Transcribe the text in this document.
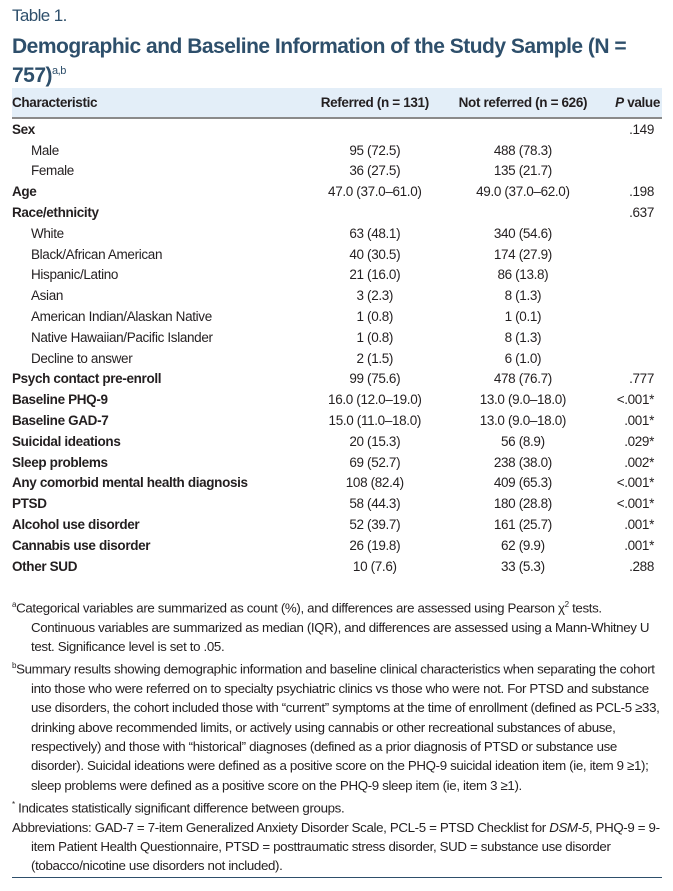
Table 1.
Demographic and Baseline Information of the Study Sample (N = 757)$^{a,b}$
Characteristic	Referred (n = 131)	Not referred (n = 626)	P value
Sex			.149
Male	95 (72.5)	488 (78.3)	
Female	36 (27.5)	135 (21.7)	
Age	47.0 (37.0–61.0)	49.0 (37.0–62.0)	.198
Race/ethnicity			.637
White	63 (48.1)	340 (54.6)	
Black/African American	40 (30.5)	174 (27.9)	
Hispanic/Latino	21 (16.0)	86 (13.8)	
Asian	3 (2.3)	8 (1.3)	
American Indian/Alaskan Native	1 (0.8)	1 (0.1)	
Native Hawaiian/Pacific Islander	1 (0.8)	8 (1.3)	
Decline to answer	2 (1.5)	6 (1.0)	
Psych contact pre-enroll	99 (75.6)	478 (76.7)	.777
Baseline PHQ-9	16.0 (12.0–19.0)	13.0 (9.0–18.0)	<.001*
Baseline GAD-7	15.0 (11.0–18.0)	13.0 (9.0–18.0)	.001*
Suicidal ideations	20 (15.3)	56 (8.9)	.029*
Sleep problems	69 (52.7)	238 (38.0)	.002*
Any comorbid mental health diagnosis	108 (82.4)	409 (65.3)	<.001*
PTSD	58 (44.3)	180 (28.8)	<.001*
Alcohol use disorder	52 (39.7)	161 (25.7)	.001*
Cannabis use disorder	26 (19.8)	62 (9.9)	.001*
Other SUD	10 (7.6)	33 (5.3)	.288
$^a$Categorical variables are summarized as count (%), and differences are assessed using Pearson $\chi^2$ tests. Continuous variables are summarized as median (IQR), and differences are assessed using a Mann-Whitney U test. Significance level is set to .05.
$^b$Summary results showing demographic information and baseline clinical characteristics when separating the cohort into those who were referred on to specialty psychiatric clinics vs those who were not. For PTSD and substance use disorders, the cohort included those with “current” symptoms at the time of enrollment (defined as PCL-5 ≥33, drinking above recommended limits, or actively using cannabis or other recreational substances of abuse, respectively) and those with “historical” diagnoses (defined as a prior diagnosis of PTSD or substance use disorder). Suicidal ideations were defined as a positive score on the PHQ-9 suicidal ideation item (ie, item 9 ≥1); sleep problems were defined as a positive score on the PHQ-9 sleep item (ie, item 3 ≥1).
* Indicates statistically significant difference between groups.
Abbreviations: GAD-7 = 7-item Generalized Anxiety Disorder Scale, PCL-5 = PTSD Checklist for DSM-5, PHQ-9 = 9-item Patient Health Questionnaire, PTSD = posttraumatic stress disorder, SUD = substance use disorder (tobacco/nicotine use disorders not included).
